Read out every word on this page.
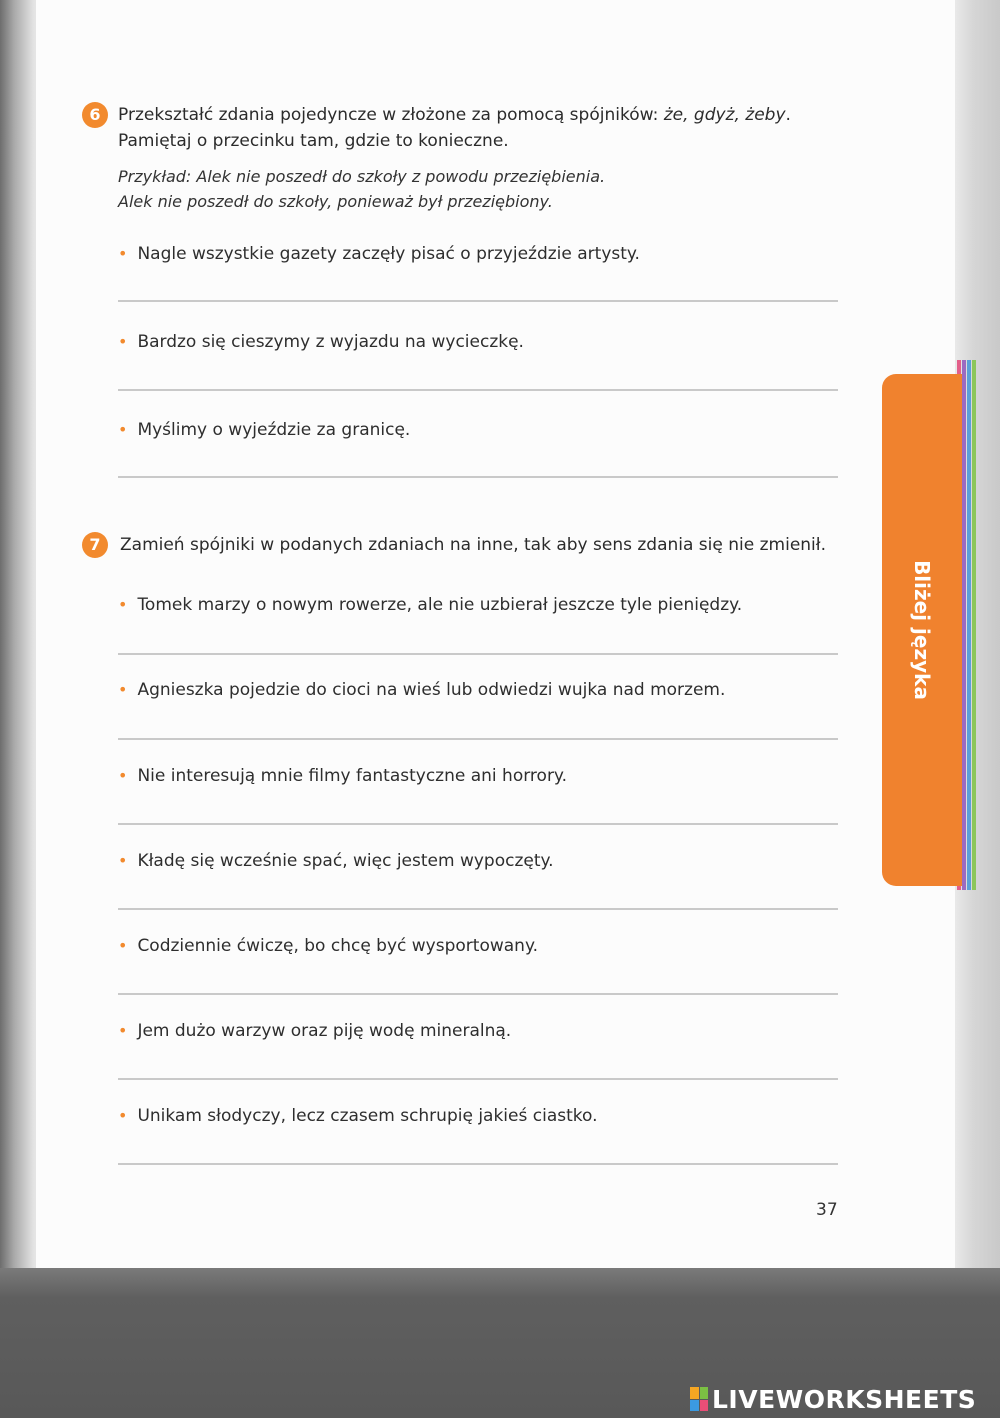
6	Przekształć zdania pojedyncze w złożone za pomocą spójników: że, gdyż, żeby.
Pamiętaj o przecinku tam, gdzie to konieczne.
Przykład: Alek nie poszedł do szkoły z powodu przeziębienia.
Alek nie poszedł do szkoły, ponieważ był przeziębiony.
• Nagle wszystkie gazety zaczęły pisać o przyjeździe artysty.
• Bardzo się cieszymy z wyjazdu na wycieczkę.
• Myślimy o wyjeździe za granicę.
7	Zamień spójniki w podanych zdaniach na inne, tak aby sens zdania się nie zmienił.
• Tomek marzy o nowym rowerze, ale nie uzbierał jeszcze tyle pieniędzy.
• Agnieszka pojedzie do cioci na wieś lub odwiedzi wujka nad morzem.
• Nie interesują mnie filmy fantastyczne ani horrory.
• Kładę się wcześnie spać, więc jestem wypoczęty.
• Codziennie ćwiczę, bo chcę być wysportowany.
• Jem dużo warzyw oraz piję wodę mineralną.
• Unikam słodyczy, lecz czasem schrupię jakieś ciastko.
Bliżej języka
37
LIVEWORKSHEETS
